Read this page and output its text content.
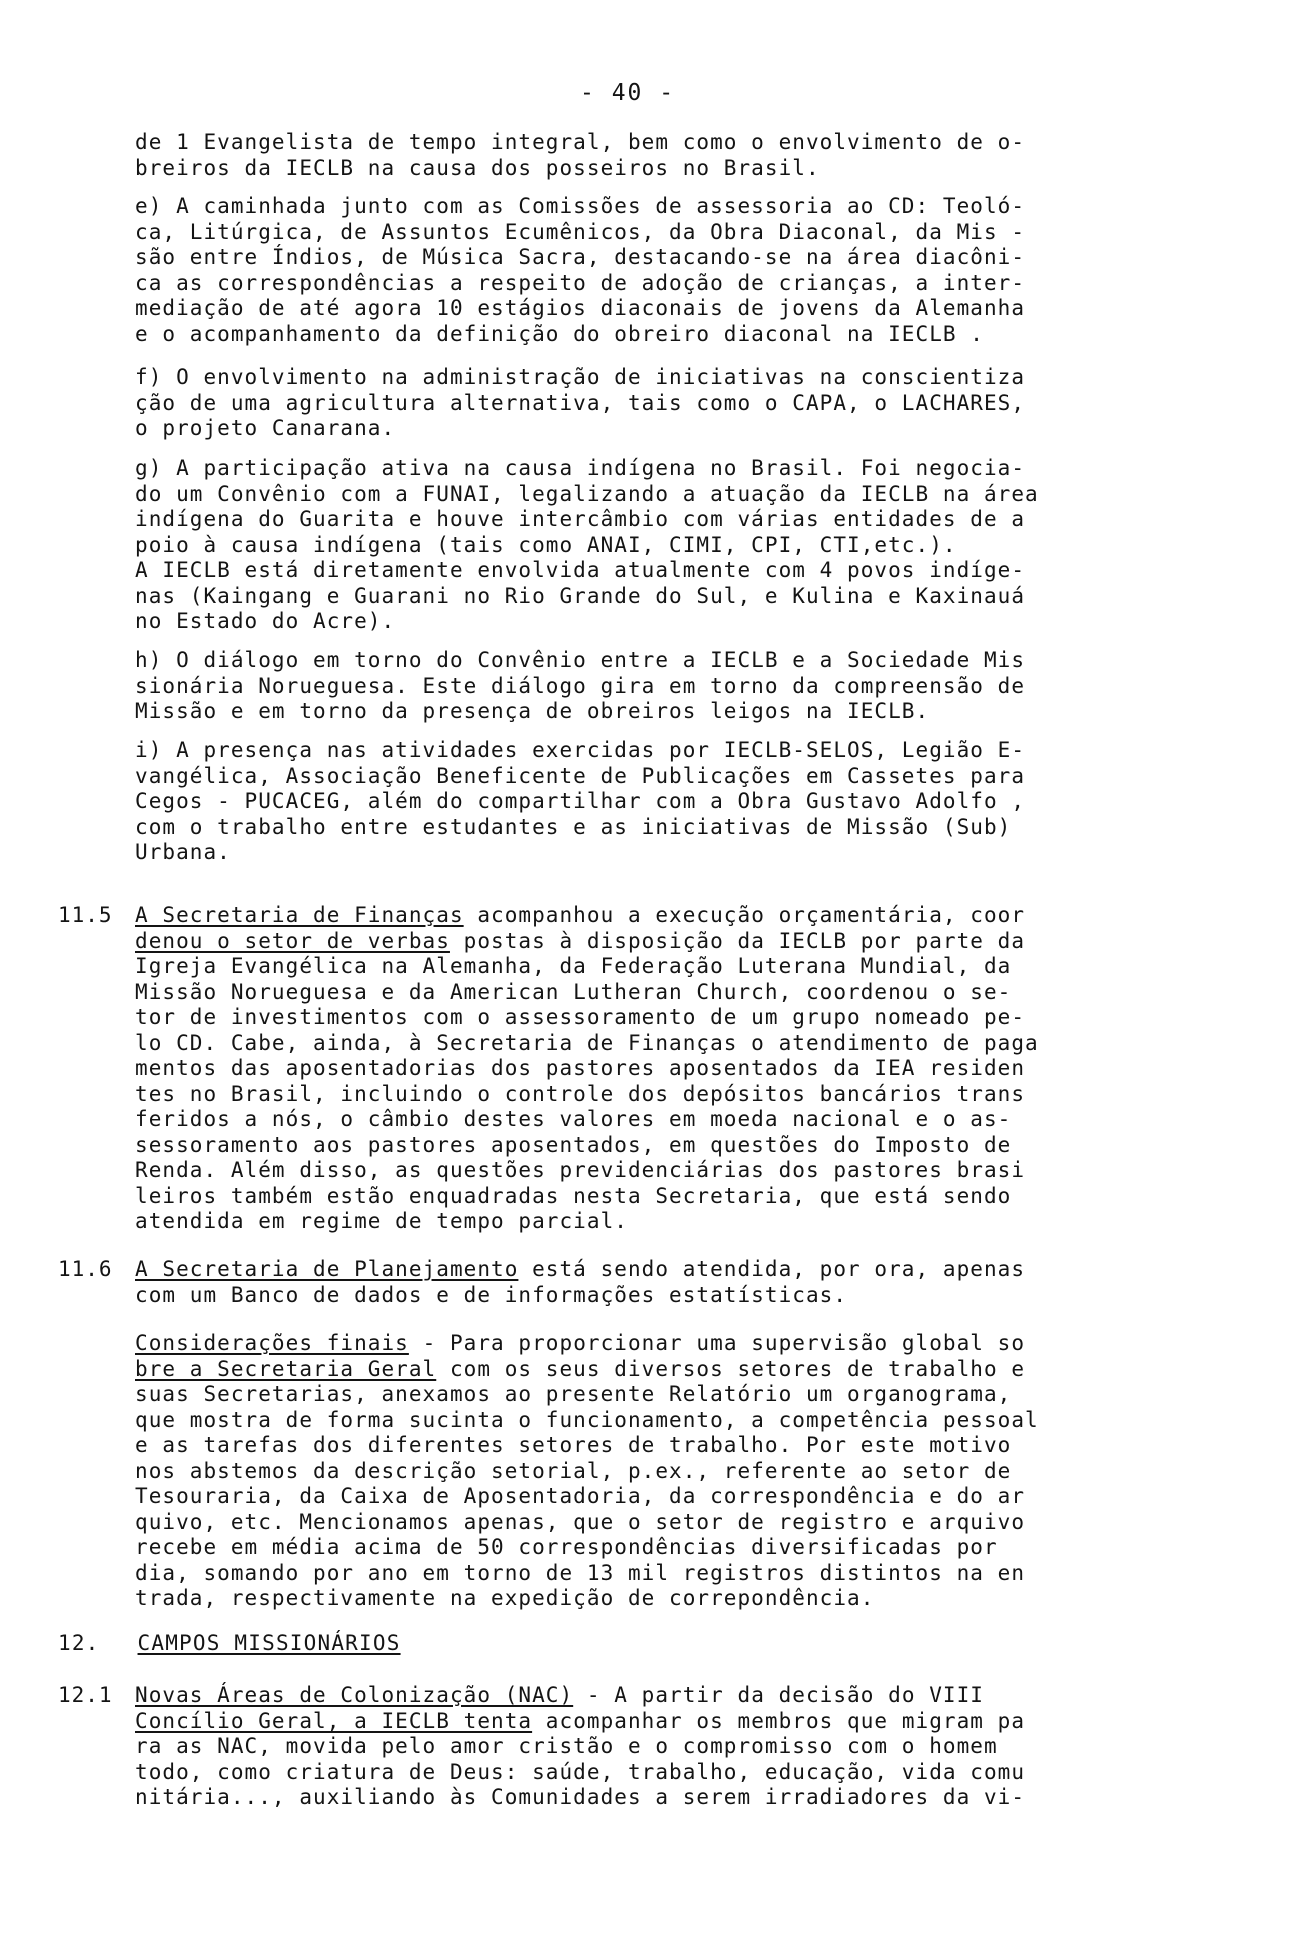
- 40 -
de 1 Evangelista de tempo integral, bem como o envolvimento de o-
breiros da IECLB na causa dos posseiros no Brasil.
e) A caminhada junto com as Comissões de assessoria ao CD: Teoló-
ca, Litúrgica, de Assuntos Ecumênicos, da Obra Diaconal, da Mis -
são entre Índios, de Música Sacra, destacando-se na área diacôni-
ca as correspondências a respeito de adoção de crianças, a inter-
mediação de até agora 10 estágios diaconais de jovens da Alemanha
e o acompanhamento da definição do obreiro diaconal na IECLB .
f) O envolvimento na administração de iniciativas na conscientiza
ção de uma agricultura alternativa, tais como o CAPA, o LACHARES,
o projeto Canarana.
g) A participação ativa na causa indígena no Brasil. Foi negocia-
do um Convênio com a FUNAI, legalizando a atuação da IECLB na área
indígena do Guarita e houve intercâmbio com várias entidades de a
poio à causa indígena (tais como ANAI, CIMI, CPI, CTI,etc.).
A IECLB está diretamente envolvida atualmente com 4 povos indíge-
nas (Kaingang e Guarani no Rio Grande do Sul, e Kulina e Kaxinauá
no Estado do Acre).
h) O diálogo em torno do Convênio entre a IECLB e a Sociedade Mis
sionária Norueguesa. Este diálogo gira em torno da compreensão de
Missão e em torno da presença de obreiros leigos na IECLB.
i) A presença nas atividades exercidas por IECLB-SELOS, Legião E-
vangélica, Associação Beneficente de Publicações em Cassetes para
Cegos - PUCACEG, além do compartilhar com a Obra Gustavo Adolfo ,
com o trabalho entre estudantes e as iniciativas de Missão (Sub)
Urbana.
11.5 A Secretaria de Finanças acompanhou a execução orçamentária, coor
denou o setor de verbas postas à disposição da IECLB por parte da
Igreja Evangélica na Alemanha, da Federação Luterana Mundial, da
Missão Norueguesa e da American Lutheran Church, coordenou o se-
tor de investimentos com o assessoramento de um grupo nomeado pe-
lo CD. Cabe, ainda, à Secretaria de Finanças o atendimento de paga
mentos das aposentadorias dos pastores aposentados da IEA residen
tes no Brasil, incluindo o controle dos depósitos bancários trans
feridos a nós, o câmbio destes valores em moeda nacional e o as-
sessoramento aos pastores aposentados, em questões do Imposto de
Renda. Além disso, as questões previdenciárias dos pastores brasi
leiros também estão enquadradas nesta Secretaria, que está sendo
atendida em regime de tempo parcial.
11.6 A Secretaria de Planejamento está sendo atendida, por ora, apenas
com um Banco de dados e de informações estatísticas.
Considerações finais - Para proporcionar uma supervisão global so
bre a Secretaria Geral com os seus diversos setores de trabalho e
suas Secretarias, anexamos ao presente Relatório um organograma,
que mostra de forma sucinta o funcionamento, a competência pessoal
e as tarefas dos diferentes setores de trabalho. Por este motivo
nos abstemos da descrição setorial, p.ex., referente ao setor de
Tesouraria, da Caixa de Aposentadoria, da correspondência e do ar
quivo, etc. Mencionamos apenas, que o setor de registro e arquivo
recebe em média acima de 50 correspondências diversificadas por
dia, somando por ano em torno de 13 mil registros distintos na en
trada, respectivamente na expedição de correpondência.
12. CAMPOS MISSIONÁRIOS
12.1 Novas Áreas de Colonização (NAC) - A partir da decisão do VIII
Concílio Geral, a IECLB tenta acompanhar os membros que migram pa
ra as NAC, movida pelo amor cristão e o compromisso com o homem
todo, como criatura de Deus: saúde, trabalho, educação, vida comu
nitária..., auxiliando às Comunidades a serem irradiadores da vi-
